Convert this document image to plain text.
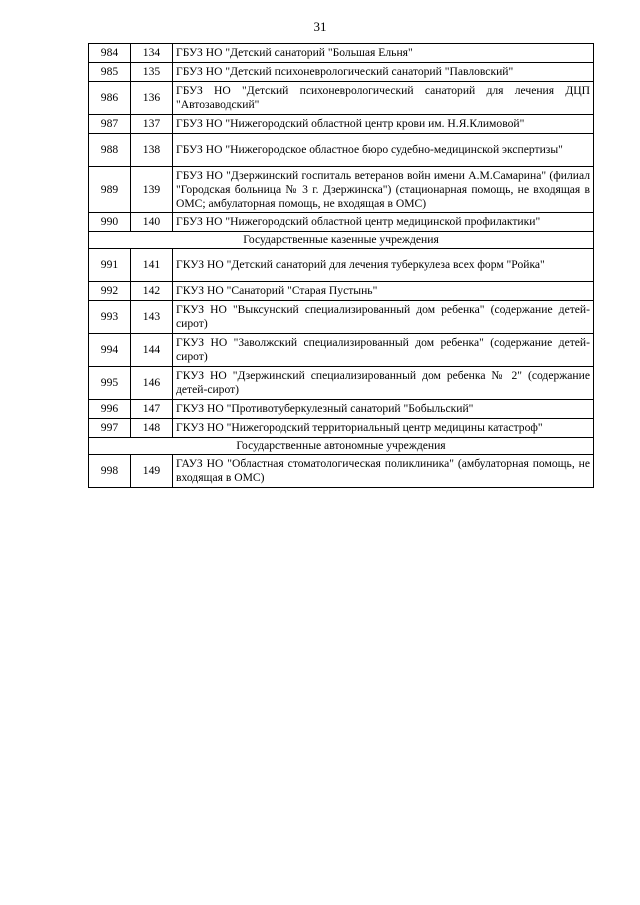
31
984	134	ГБУЗ НО "Детский санаторий "Большая Ельня"
985	135	ГБУЗ НО "Детский психоневрологический санаторий "Павловский"
986	136	ГБУЗ НО "Детский психоневрологический санаторий для лечения ДЦП "Автозаводский"
987	137	ГБУЗ НО "Нижегородский областной центр крови им. Н.Я.Климовой"
988	138	ГБУЗ НО "Нижегородское областное бюро судебно-медицинской экспертизы"
989	139	ГБУЗ НО "Дзержинский госпиталь ветеранов войн имени А.М.Самарина" (филиал "Городская больница № 3 г. Дзержинска") (стационарная помощь, не входящая в ОМС; амбулаторная помощь, не входящая в ОМС)
990	140	ГБУЗ НО "Нижегородский областной центр медицинской профилактики"
Государственные казенные учреждения		
991	141	ГКУЗ НО "Детский санаторий для лечения туберкулеза всех форм "Ройка"
992	142	ГКУЗ НО "Санаторий "Старая Пустынь"
993	143	ГКУЗ НО "Выксунский специализированный дом ребенка" (содержание детей-сирот)
994	144	ГКУЗ НО "Заволжский специализированный дом ребенка" (содержание детей-сирот)
995	146	ГКУЗ НО "Дзержинский специализированный дом ребенка № 2" (содержание детей-сирот)
996	147	ГКУЗ НО "Противотуберкулезный санаторий "Бобыльский"
997	148	ГКУЗ НО "Нижегородский территориальный центр медицины катастроф"
Государственные автономные учреждения		
998	149	ГАУЗ НО "Областная стоматологическая поликлиника" (амбулаторная помощь, не входящая в ОМС)
